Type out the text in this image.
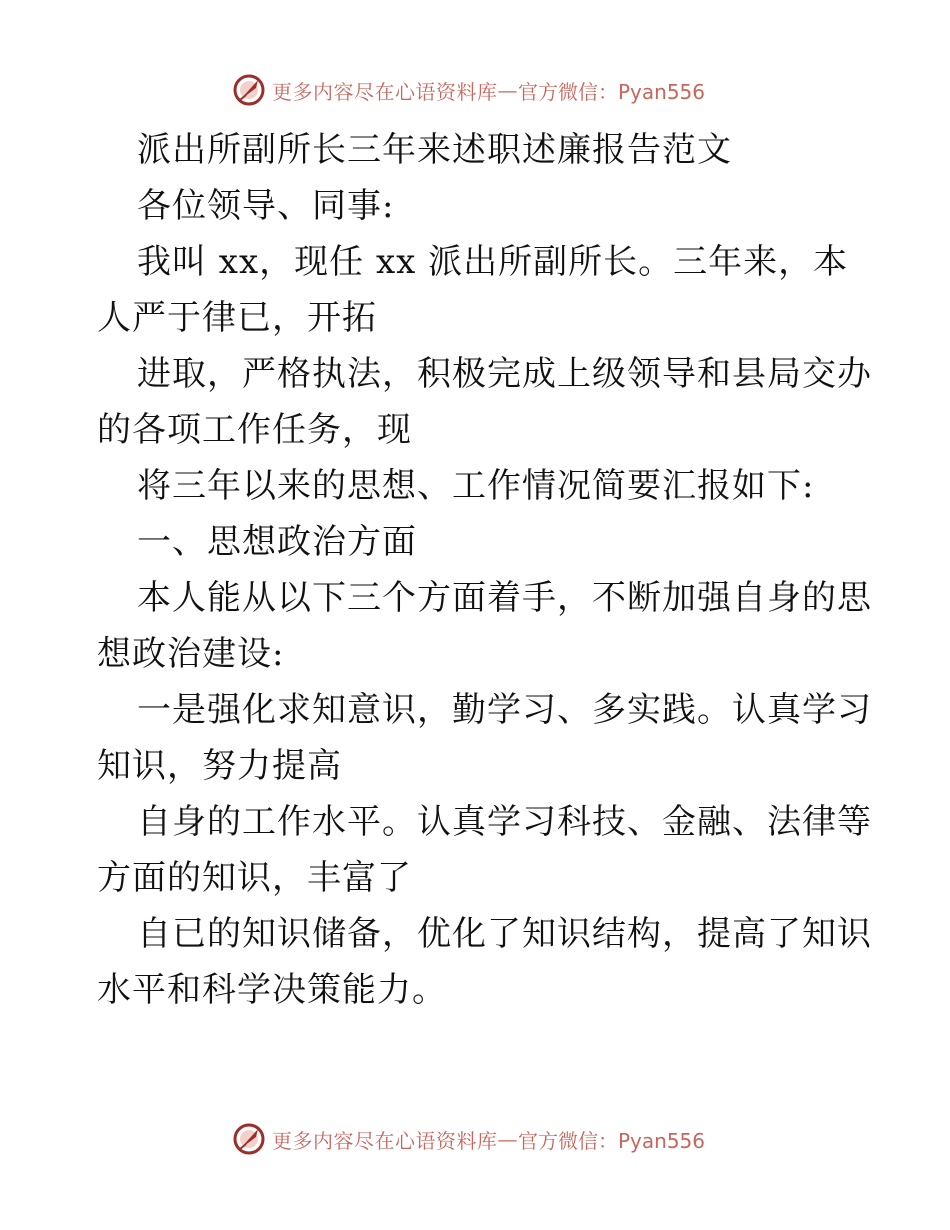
更多内容尽在心语资料库 — 官方微信：Pyan556
派出所副所长三年来述职述廉报告范文
各位领导、同事:
我叫 xx，现任 xx 派出所副所长。三年来，本
人严于律已，开拓
进取，严格执法，积极完成上级领导和县局交办
的各项工作任务，现
将三年以来的思想、工作情况简要汇报如下:
一、思想政治方面
本人能从以下三个方面着手，不断加强自身的思
想政治建设:
一是强化求知意识，勤学习、多实践。认真学习
知识，努力提高
自身的工作水平。认真学习科技、金融、法律等
方面的知识，丰富了
自已的知识储备，优化了知识结构，提高了知识
水平和科学决策能力。
更多内容尽在心语资料库 — 官方微信：Pyan556
